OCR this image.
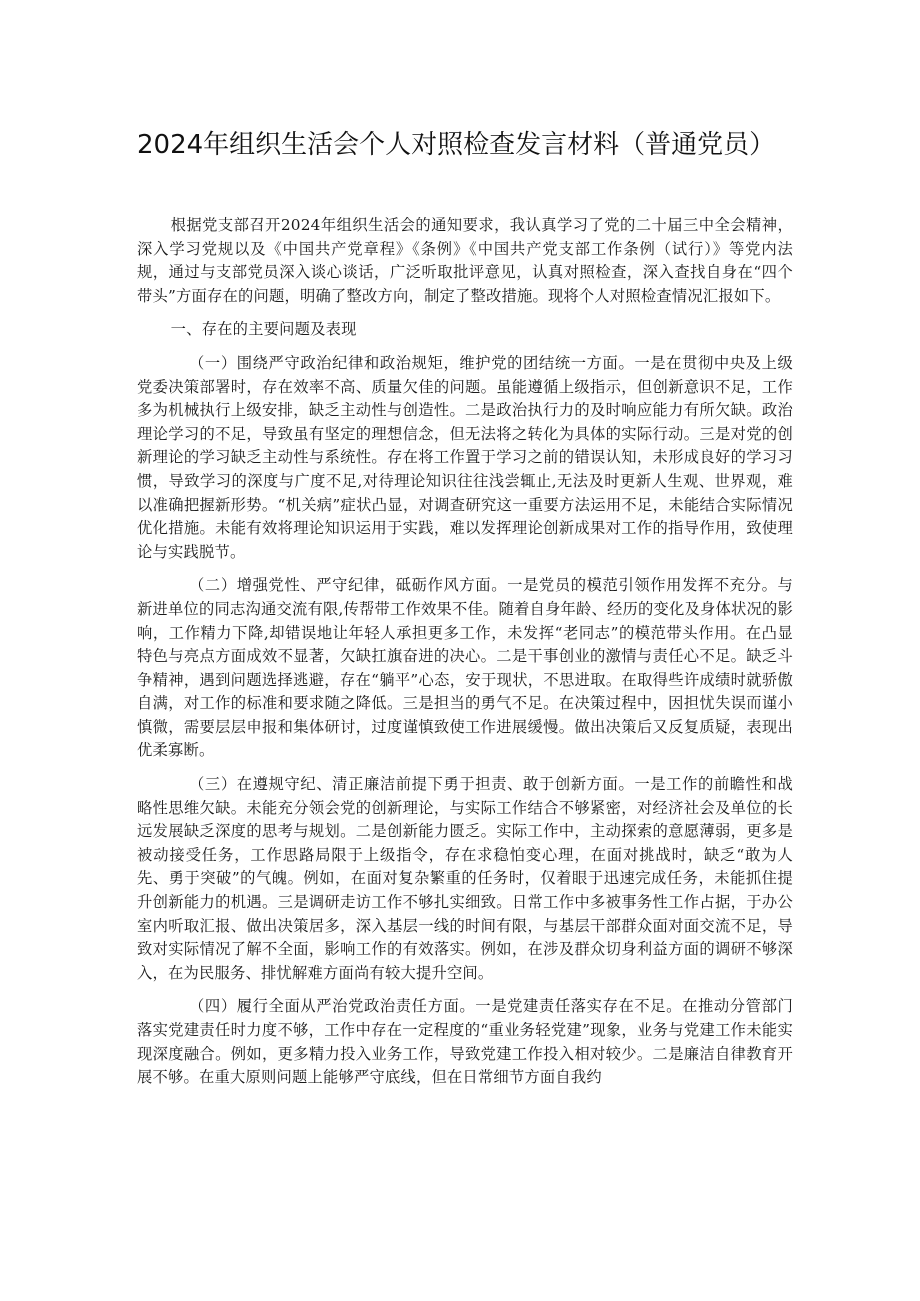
2024年组织生活会个人对照检查发言材料（普通党员）

根据党支部召开2024年组织生活会的通知要求，我认真学习了党的二十届三中全会精神，深入学习党规以及《中国共产党章程》《条例》《中国共产党支部工作条例（试行）》等党内法规，通过与支部党员深入谈心谈话，广泛听取批评意见，认真对照检查，深入查找自身在“四个带头”方面存在的问题，明确了整改方向，制定了整改措施。现将个人对照检查情况汇报如下。

一、存在的主要问题及表现

（一）围绕严守政治纪律和政治规矩，维护党的团结统一方面。一是在贯彻中央及上级党委决策部署时，存在效率不高、质量欠佳的问题。虽能遵循上级指示，但创新意识不足，工作多为机械执行上级安排，缺乏主动性与创造性。二是政治执行力的及时响应能力有所欠缺。政治理论学习的不足，导致虽有坚定的理想信念，但无法将之转化为具体的实际行动。三是对党的创新理论的学习缺乏主动性与系统性。存在将工作置于学习之前的错误认知，未形成良好的学习习惯，导致学习的深度与广度不足,对待理论知识往往浅尝辄止,无法及时更新人生观、世界观，难以准确把握新形势。“机关病”症状凸显，对调查研究这一重要方法运用不足，未能结合实际情况优化措施。未能有效将理论知识运用于实践，难以发挥理论创新成果对工作的指导作用，致使理论与实践脱节。

（二）增强党性、严守纪律，砥砺作风方面。一是党员的模范引领作用发挥不充分。与新进单位的同志沟通交流有限,传帮带工作效果不佳。随着自身年龄、经历的变化及身体状况的影响，工作精力下降,却错误地让年轻人承担更多工作，未发挥“老同志”的模范带头作用。在凸显特色与亮点方面成效不显著，欠缺扛旗奋进的决心。二是干事创业的激情与责任心不足。缺乏斗争精神，遇到问题选择逃避，存在“躺平”心态，安于现状，不思进取。在取得些许成绩时就骄傲自满，对工作的标准和要求随之降低。三是担当的勇气不足。在决策过程中，因担忧失误而谨小慎微，需要层层申报和集体研讨，过度谨慎致使工作进展缓慢。做出决策后又反复质疑，表现出优柔寡断。

（三）在遵规守纪、清正廉洁前提下勇于担责、敢于创新方面。一是工作的前瞻性和战略性思维欠缺。未能充分领会党的创新理论，与实际工作结合不够紧密，对经济社会及单位的长远发展缺乏深度的思考与规划。二是创新能力匮乏。实际工作中，主动探索的意愿薄弱，更多是被动接受任务，工作思路局限于上级指令，存在求稳怕变心理，在面对挑战时，缺乏“敢为人先、勇于突破”的气魄。例如，在面对复杂繁重的任务时，仅着眼于迅速完成任务，未能抓住提升创新能力的机遇。三是调研走访工作不够扎实细致。日常工作中多被事务性工作占据，于办公室内听取汇报、做出决策居多，深入基层一线的时间有限，与基层干部群众面对面交流不足，导致对实际情况了解不全面，影响工作的有效落实。例如，在涉及群众切身利益方面的调研不够深入，在为民服务、排忧解难方面尚有较大提升空间。

（四）履行全面从严治党政治责任方面。一是党建责任落实存在不足。在推动分管部门落实党建责任时力度不够，工作中存在一定程度的“重业务轻党建”现象，业务与党建工作未能实现深度融合。例如，更多精力投入业务工作，导致党建工作投入相对较少。二是廉洁自律教育开展不够。在重大原则问题上能够严守底线，但在日常细节方面自我约
